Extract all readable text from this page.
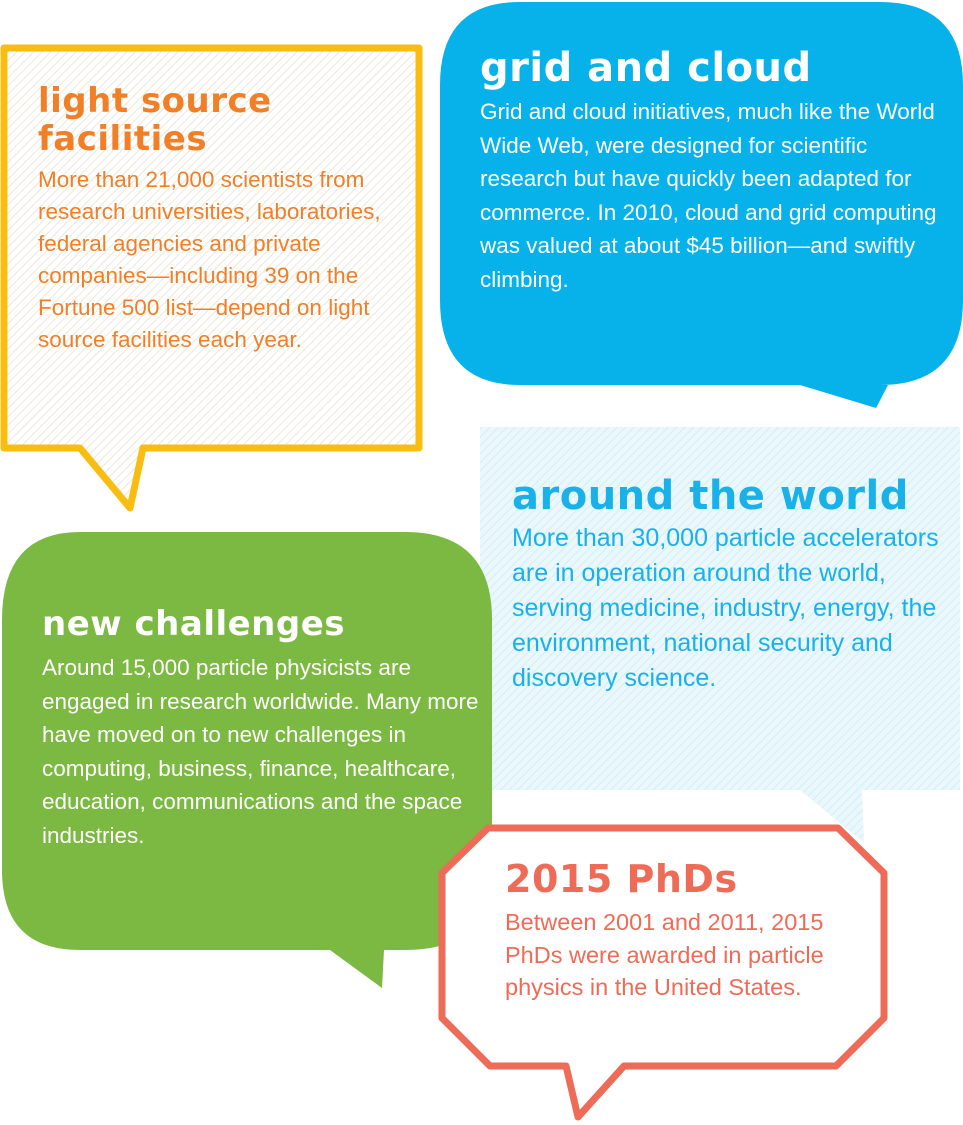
light source facilities

More than 21,000 scientists from research universities, laboratories, federal agencies and private companies—including 39 on the Fortune 500 list—depend on light source facilities each year.

grid and cloud

Grid and cloud initiatives, much like the World Wide Web, were designed for scientific research but have quickly been adapted for commerce. In 2010, cloud and grid computing was valued at about $45 billion—and swiftly climbing.

around the world

More than 30,000 particle accelerators are in operation around the world, serving medicine, industry, energy, the environment, national security and discovery science.

new challenges

Around 15,000 particle physicists are engaged in research worldwide. Many more have moved on to new challenges in computing, business, finance, healthcare, education, communications and the space industries.

2015 PhDs

Between 2001 and 2011, 2015 PhDs were awarded in particle physics in the United States.
